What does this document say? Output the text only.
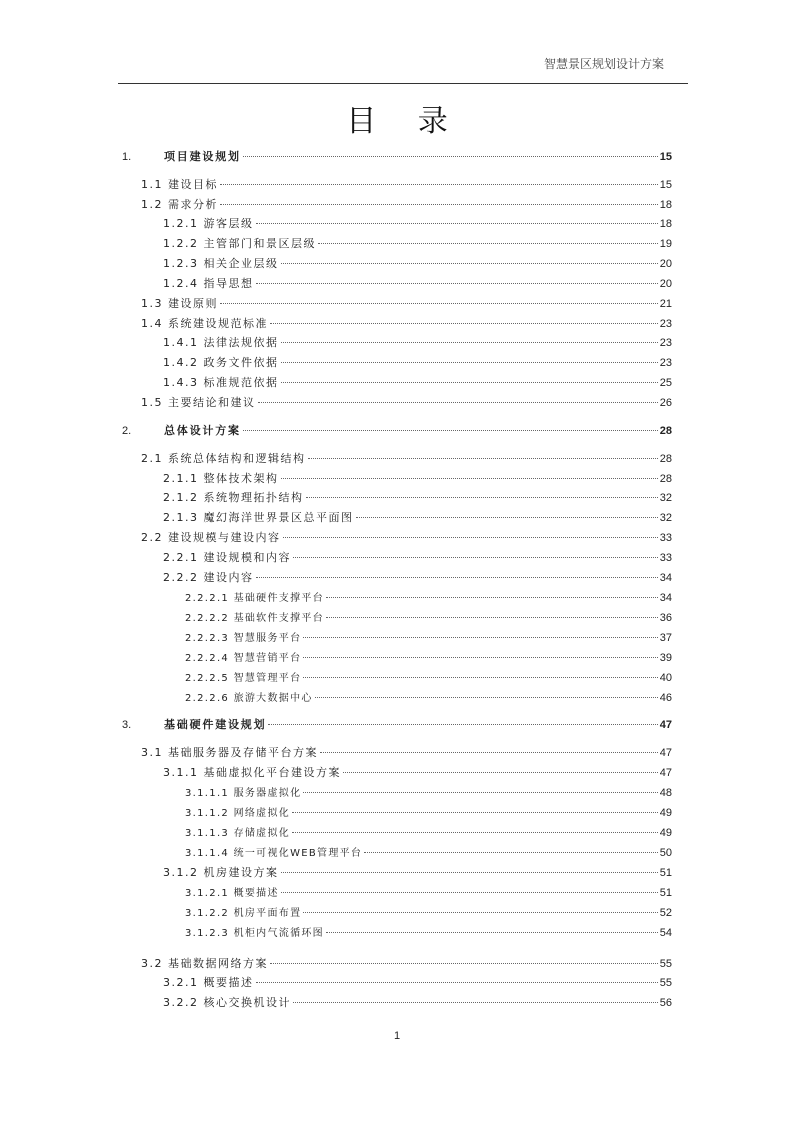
智慧景区规划设计方案
目 录
1.	项目建设规划	15
1.1 建设目标	15
1.2 需求分析	18
1.2.1 游客层级	18
1.2.2 主管部门和景区层级	19
1.2.3 相关企业层级	20
1.2.4 指导思想	20
1.3 建设原则	21
1.4 系统建设规范标准	23
1.4.1 法律法规依据	23
1.4.2 政务文件依据	23
1.4.3 标准规范依据	25
1.5 主要结论和建议	26
2.	总体设计方案	28
2.1 系统总体结构和逻辑结构	28
2.1.1 整体技术架构	28
2.1.2 系统物理拓扑结构	32
2.1.3 魔幻海洋世界景区总平面图	32
2.2 建设规模与建设内容	33
2.2.1 建设规模和内容	33
2.2.2 建设内容	34
2.2.2.1 基础硬件支撑平台	34
2.2.2.2 基础软件支撑平台	36
2.2.2.3 智慧服务平台	37
2.2.2.4 智慧营销平台	39
2.2.2.5 智慧管理平台	40
2.2.2.6 旅游大数据中心	46
3.	基础硬件建设规划	47
3.1 基础服务器及存储平台方案	47
3.1.1 基础虚拟化平台建设方案	47
3.1.1.1 服务器虚拟化	48
3.1.1.2 网络虚拟化	49
3.1.1.3 存储虚拟化	49
3.1.1.4 统一可视化WEB管理平台	50
3.1.2 机房建设方案	51
3.1.2.1 概要描述	51
3.1.2.2 机房平面布置	52
3.1.2.3 机柜内气流循环图	54
3.2 基础数据网络方案	55
3.2.1 概要描述	55
3.2.2 核心交换机设计	56
1
